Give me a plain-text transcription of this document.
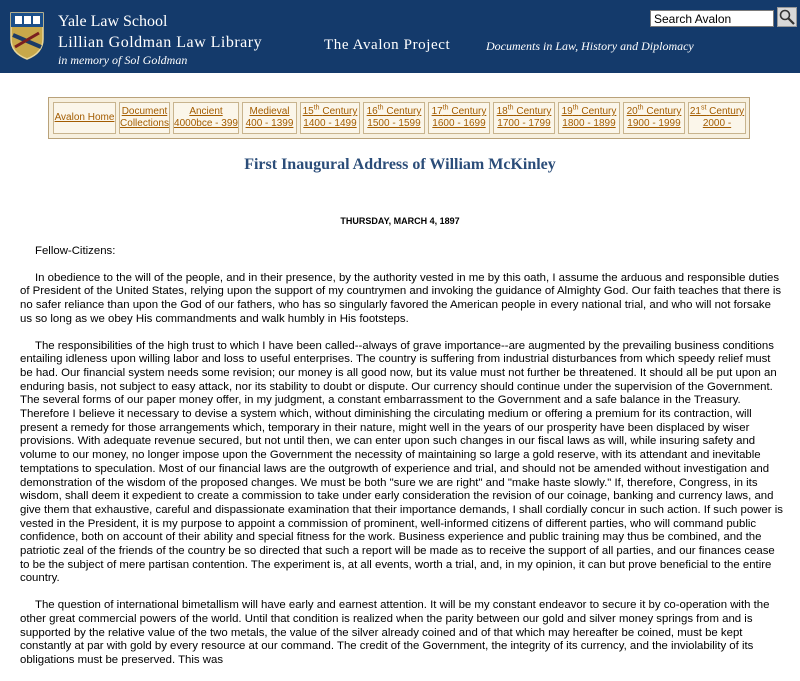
Yale Law School
Lillian Goldman Law Library
in memory of Sol Goldman
The Avalon Project	Documents in Law, History and Diplomacy
Search Avalon
Avalon Home
Document
Collections
Ancient
4000bce - 399
Medieval
400 - 1399
15th Century
1400 - 1499
16th Century
1500 - 1599
17th Century
1600 - 1699
18th Century
1700 - 1799
19th Century
1800 - 1899
20th Century
1900 - 1999
21st Century
2000 -
First Inaugural Address of William McKinley
THURSDAY, MARCH 4, 1897

Fellow-Citizens:

In obedience to the will of the people, and in their presence, by the authority vested in me by this oath, I assume the arduous and responsible duties of President of the United States, relying upon the support of my countrymen and invoking the guidance of Almighty God. Our faith teaches that there is no safer reliance than upon the God of our fathers, who has so singularly favored the American people in every national trial, and who will not forsake us so long as we obey His commandments and walk humbly in His footsteps.

The responsibilities of the high trust to which I have been called--always of grave importance--are augmented by the prevailing business conditions entailing idleness upon willing labor and loss to useful enterprises. The country is suffering from industrial disturbances from which speedy relief must be had. Our financial system needs some revision; our money is all good now, but its value must not further be threatened. It should all be put upon an enduring basis, not subject to easy attack, nor its stability to doubt or dispute. Our currency should continue under the supervision of the Government. The several forms of our paper money offer, in my judgment, a constant embarrassment to the Government and a safe balance in the Treasury. Therefore I believe it necessary to devise a system which, without diminishing the circulating medium or offering a premium for its contraction, will present a remedy for those arrangements which, temporary in their nature, might well in the years of our prosperity have been displaced by wiser provisions. With adequate revenue secured, but not until then, we can enter upon such changes in our fiscal laws as will, while insuring safety and volume to our money, no longer impose upon the Government the necessity of maintaining so large a gold reserve, with its attendant and inevitable temptations to speculation. Most of our financial laws are the outgrowth of experience and trial, and should not be amended without investigation and demonstration of the wisdom of the proposed changes. We must be both "sure we are right" and "make haste slowly." If, therefore, Congress, in its wisdom, shall deem it expedient to create a commission to take under early consideration the revision of our coinage, banking and currency laws, and give them that exhaustive, careful and dispassionate examination that their importance demands, I shall cordially concur in such action. If such power is vested in the President, it is my purpose to appoint a commission of prominent, well-informed citizens of different parties, who will command public confidence, both on account of their ability and special fitness for the work. Business experience and public training may thus be combined, and the patriotic zeal of the friends of the country be so directed that such a report will be made as to receive the support of all parties, and our finances cease to be the subject of mere partisan contention. The experiment is, at all events, worth a trial, and, in my opinion, it can but prove beneficial to the entire country.

The question of international bimetallism will have early and earnest attention. It will be my constant endeavor to secure it by co-operation with the other great commercial powers of the world. Until that condition is realized when the parity between our gold and silver money springs from and is supported by the relative value of the two metals, the value of the silver already coined and of that which may hereafter be coined, must be kept constantly at par with gold by every resource at our command. The credit of the Government, the integrity of its currency, and the inviolability of its obligations must be preserved. This was
